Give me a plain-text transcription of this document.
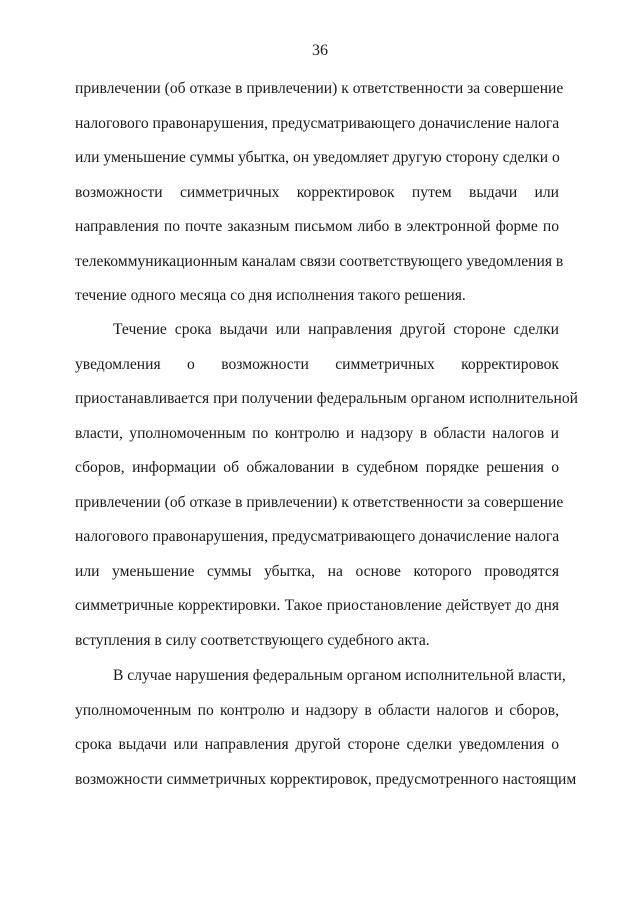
36
привлечении (об отказе в привлечении) к ответственности за совершение
налогового правонарушения, предусматривающего доначисление налога
или уменьшение суммы убытка, он уведомляет другую сторону сделки о
возможности симметричных корректировок путем выдачи или
направления по почте заказным письмом либо в электронной форме по
телекоммуникационным каналам связи соответствующего уведомления в
течение одного месяца со дня исполнения такого решения.
Течение срока выдачи или направления другой стороне сделки
уведомления о возможности симметричных корректировок
приостанавливается при получении федеральным органом исполнительной
власти, уполномоченным по контролю и надзору в области налогов и
сборов, информации об обжаловании в судебном порядке решения о
привлечении (об отказе в привлечении) к ответственности за совершение
налогового правонарушения, предусматривающего доначисление налога
или уменьшение суммы убытка, на основе которого проводятся
симметричные корректировки. Такое приостановление действует до дня
вступления в силу соответствующего судебного акта.
В случае нарушения федеральным органом исполнительной власти,
уполномоченным по контролю и надзору в области налогов и сборов,
срока выдачи или направления другой стороне сделки уведомления о
возможности симметричных корректировок, предусмотренного настоящим
